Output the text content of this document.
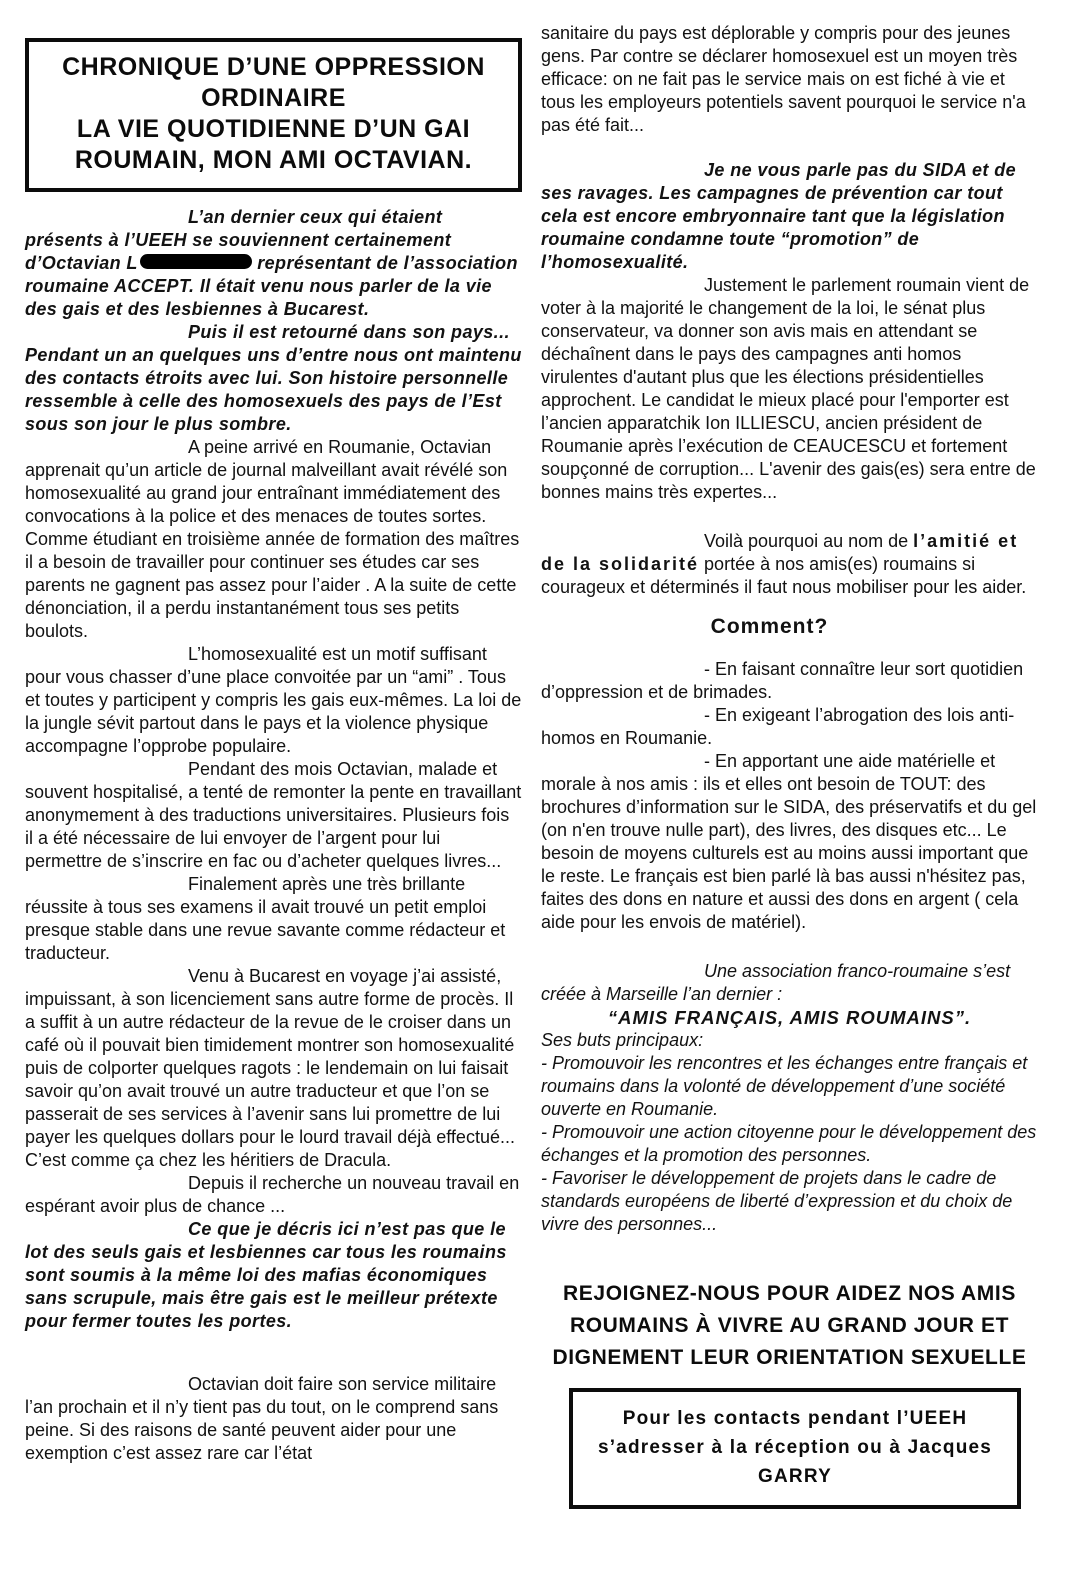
CHRONIQUE D’UNE OPPRESSION
ORDINAIRE
LA VIE QUOTIDIENNE D’UN GAI
ROUMAIN, MON AMI OCTAVIAN.

L’an dernier ceux qui étaient présents à l’UEEH se souviennent certainement d’Octavian L	représentant de l’association roumaine ACCEPT. Il était venu nous parler de la vie des gais et des lesbiennes à Bucarest.

Puis il est retourné dans son pays... Pendant un an quelques uns d’entre nous ont maintenu des contacts étroits avec lui. Son histoire personnelle ressemble à celle des homosexuels des pays de l’Est sous son jour le plus sombre.

A peine arrivé en Roumanie, Octavian apprenait qu’un article de journal malveillant avait révélé son homosexualité au grand jour entraînant immédiatement des convocations à la police et des menaces de toutes sortes. Comme étudiant en troisième année de formation des maîtres il a besoin de travailler pour continuer ses études car ses parents ne gagnent pas assez pour l’aider . A la suite de cette dénonciation, il a perdu instantanément tous ses petits boulots.

L’homosexualité est un motif suffisant pour vous chasser d’une place convoitée par un “ami” . Tous et toutes y participent y compris les gais eux-mêmes. La loi de la jungle sévit partout dans le pays et la violence physique accompagne l’opprobe populaire.

Pendant des mois Octavian, malade et souvent hospitalisé, a tenté de remonter la pente en travaillant anonymement à des traductions universitaires. Plusieurs fois il a été nécessaire de lui envoyer de l’argent pour lui permettre de s’inscrire en fac ou d’acheter quelques livres...

Finalement après une très brillante réussite à tous ses examens il avait trouvé un petit emploi presque stable dans une revue savante comme rédacteur et traducteur.

Venu à Bucarest en voyage j’ai assisté, impuissant, à son licenciement sans autre forme de procès. Il a suffit à un autre rédacteur de la revue de le croiser dans un café où il pouvait bien timidement montrer son homosexualité puis de colporter quelques ragots : le lendemain on lui faisait savoir qu’on avait trouvé un autre traducteur et que l’on se passerait de ses services à l’avenir sans lui promettre de lui payer les quelques dollars pour le lourd travail déjà effectué... C’est comme ça chez les héritiers de Dracula.

Depuis il recherche un nouveau travail en espérant avoir plus de chance ...

Ce que je décris ici n’est pas que le lot des seuls gais et lesbiennes car tous les roumains sont soumis à la même loi des mafias économiques sans scrupule, mais être gais est le meilleur prétexte pour fermer toutes les portes.

Octavian doit faire son service militaire l’an prochain et il n’y tient pas du tout, on le comprend sans peine. Si des raisons de santé peuvent aider pour une exemption c’est assez rare car l’état

sanitaire du pays est déplorable y compris pour des jeunes gens. Par contre se déclarer homosexuel est un moyen très efficace: on ne fait pas le service mais on est fiché à vie et tous les employeurs potentiels savent pourquoi le service n'a pas été fait...

Je ne vous parle pas du SIDA et de ses ravages. Les campagnes de prévention car tout cela est encore embryonnaire tant que la législation roumaine condamne toute “promotion” de l’homosexualité.

Justement le parlement roumain vient de voter à la majorité le changement de la loi, le sénat plus conservateur, va donner son avis mais en attendant se déchaînent dans le pays des campagnes anti homos virulentes d'autant plus que les élections présidentielles approchent. Le candidat le mieux placé pour l'emporter est l’ancien apparatchik Ion ILLIESCU, ancien président de Roumanie après l’exécution de CEAUCESCU et fortement soupçonné de corruption... L'avenir des gais(es) sera entre de bonnes mains très expertes...

Voilà pourquoi au nom de l’amitié et de la solidarité portée à nos amis(es) roumains si courageux et déterminés il faut nous mobiliser pour les aider.

Comment?

- En faisant connaître leur sort quotidien d’oppression et de brimades.

- En exigeant l’abrogation des lois anti-homos en Roumanie.

- En apportant une aide matérielle et morale à nos amis : ils et elles ont besoin de TOUT: des brochures d’information sur le SIDA, des préservatifs et du gel (on n'en trouve nulle part), des livres, des disques etc... Le besoin de moyens culturels est au moins aussi important que le reste. Le français est bien parlé là bas aussi n'hésitez pas, faites des dons en nature et aussi des dons en argent ( cela aide pour les envois de matériel).

Une association franco-roumaine s’est créée à Marseille l’an dernier :

“AMIS FRANÇAIS, AMIS ROUMAINS”.

Ses buts principaux:

- Promouvoir les rencontres et les échanges entre français et roumains dans la volonté de développement d’une société ouverte en Roumanie.

- Promouvoir une action citoyenne pour le développement des échanges et la promotion des personnes.

- Favoriser le développement de projets dans le cadre de standards européens de liberté d’expression et du choix de vivre des personnes...

REJOIGNEZ-NOUS POUR AIDEZ NOS AMIS ROUMAINS À VIVRE AU GRAND JOUR ET DIGNEMENT LEUR ORIENTATION SEXUELLE

Pour les contacts pendant l’UEEH s’adresser à la réception ou à Jacques GARRY
